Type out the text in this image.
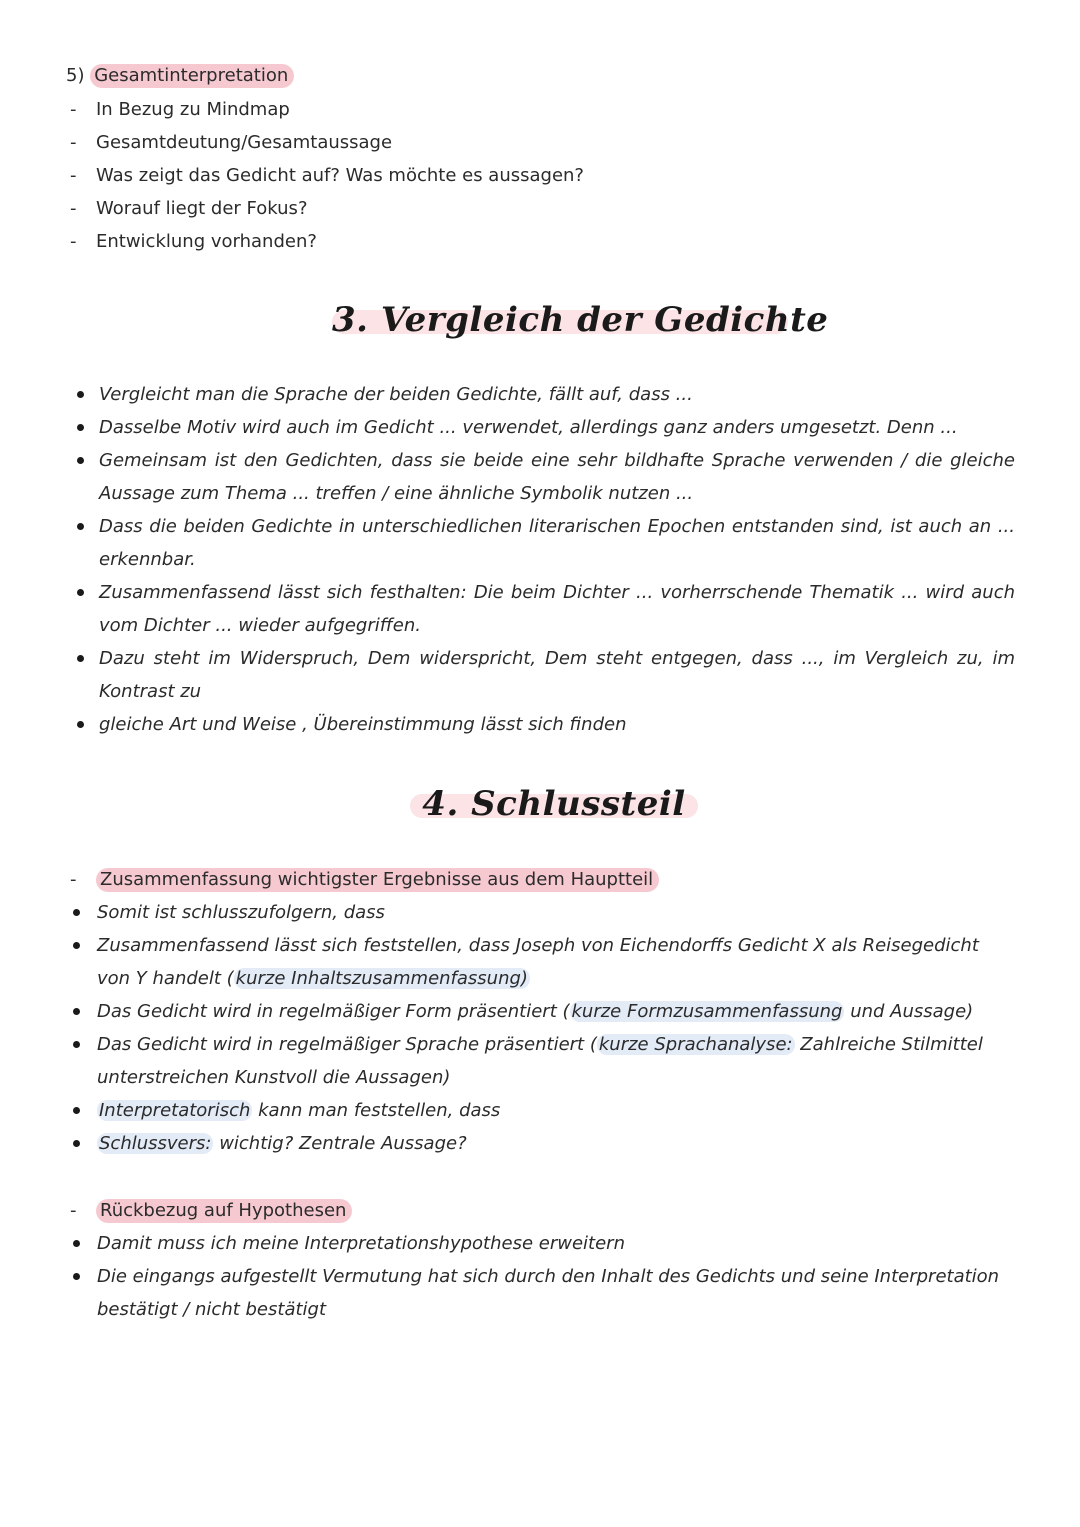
5) Gesamtinterpretation
- In Bezug zu Mindmap
- Gesamtdeutung/Gesamtaussage
- Was zeigt das Gedicht auf? Was möchte es aussagen?
- Worauf liegt der Fokus?
- Entwicklung vorhanden?
3. Vergleich der Gedichte
Vergleicht man die Sprache der beiden Gedichte, fällt auf, dass ...
Dasselbe Motiv wird auch im Gedicht ... verwendet, allerdings ganz anders umgesetzt. Denn ...
Gemeinsam ist den Gedichten, dass sie beide eine sehr bildhafte Sprache verwenden / die gleiche Aussage zum Thema ... treffen / eine ähnliche Symbolik nutzen ...
Dass die beiden Gedichte in unterschiedlichen literarischen Epochen entstanden sind, ist auch an ... erkennbar.
Zusammenfassend lässt sich festhalten: Die beim Dichter ... vorherrschende Thematik ... wird auch vom Dichter ... wieder aufgegriffen.
Dazu steht im Widerspruch, Dem widerspricht, Dem steht entgegen, dass ..., im Vergleich zu, im Kontrast zu
gleiche Art und Weise , Übereinstimmung lässt sich finden
4. Schlussteil
- Zusammenfassung wichtigster Ergebnisse aus dem Hauptteil
Somit ist schlusszufolgern, dass
Zusammenfassend lässt sich feststellen, dass Joseph von Eichendorffs Gedicht X als Reisegedicht von Y handelt ( kurze Inhaltszusammenfassung)
Das Gedicht wird in regelmäßiger Form präsentiert ( kurze Formzusammenfassung und Aussage)
Das Gedicht wird in regelmäßiger Sprache präsentiert ( kurze Sprachanalyse: Zahlreiche Stilmittel unterstreichen Kunstvoll die Aussagen)
Interpretatorisch kann man feststellen, dass
Schlussvers: wichtig? Zentrale Aussage?
- Rückbezug auf Hypothesen
Damit muss ich meine Interpretationshypothese erweitern
Die eingangs aufgestellt Vermutung hat sich durch den Inhalt des Gedichts und seine Interpretation bestätigt / nicht bestätigt
